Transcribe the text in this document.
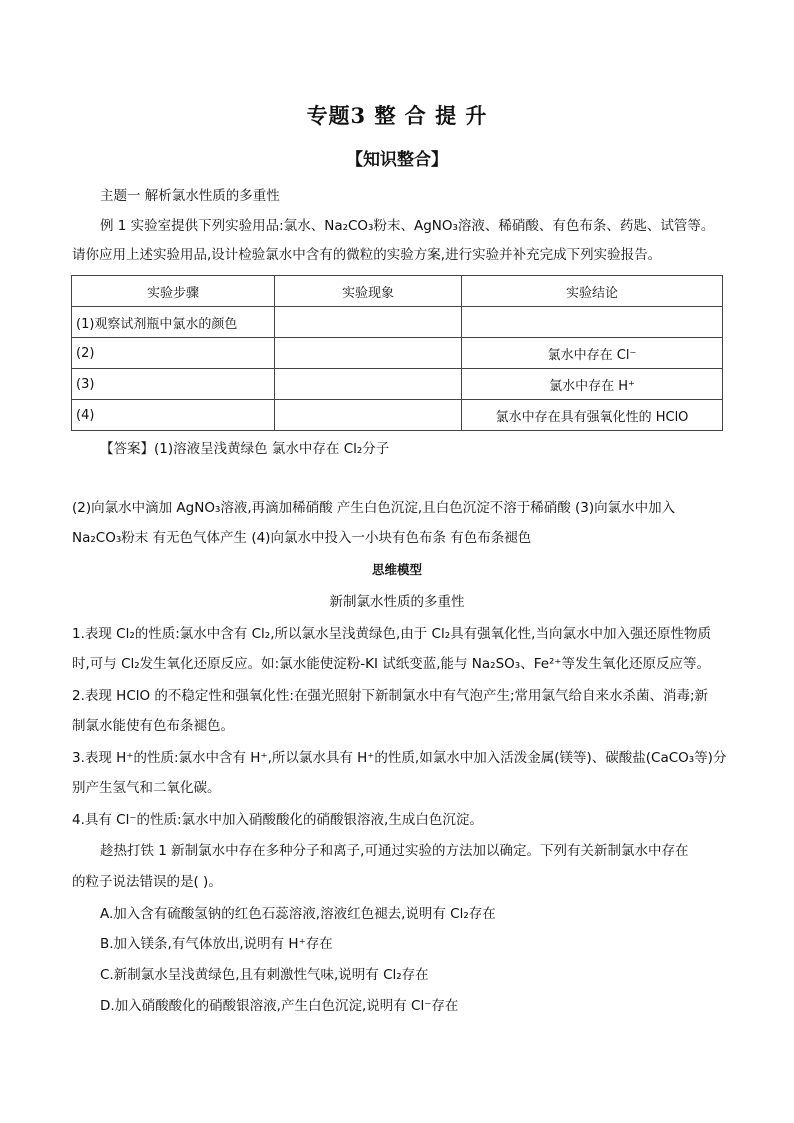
专题3 整 合 提 升
【知识整合】
主题一 解析氯水性质的多重性
例 1 实验室提供下列实验用品:氯水、Na₂CO₃粉末、AgNO₃溶液、稀硝酸、有色布条、药匙、试管等。
请你应用上述实验用品,设计检验氯水中含有的微粒的实验方案,进行实验并补充完成下列实验报告。
实验步骤	实验现象	实验结论
(1)观察试剂瓶中氯水的颜色		
(2)		氯水中存在 Cl⁻
(3)		氯水中存在 H⁺
(4)		氯水中存在具有强氧化性的 HClO
【答案】(1)溶液呈浅黄绿色 氯水中存在 Cl₂分子
(2)向氯水中滴加 AgNO₃溶液,再滴加稀硝酸 产生白色沉淀,且白色沉淀不溶于稀硝酸 (3)向氯水中加入
Na₂CO₃粉末 有无色气体产生 (4)向氯水中投入一小块有色布条 有色布条褪色
思维模型
新制氯水性质的多重性
1.表现 Cl₂的性质:氯水中含有 Cl₂,所以氯水呈浅黄绿色,由于 Cl₂具有强氧化性,当向氯水中加入强还原性物质
时,可与 Cl₂发生氧化还原反应。如:氯水能使淀粉-KI 试纸变蓝,能与 Na₂SO₃、Fe²⁺等发生氧化还原反应等。
2.表现 HClO 的不稳定性和强氧化性:在强光照射下新制氯水中有气泡产生;常用氯气给自来水杀菌、消毒;新
制氯水能使有色布条褪色。
3.表现 H⁺的性质:氯水中含有 H⁺,所以氯水具有 H⁺的性质,如氯水中加入活泼金属(镁等)、碳酸盐(CaCO₃等)分
别产生氢气和二氧化碳。
4.具有 Cl⁻的性质:氯水中加入硝酸酸化的硝酸银溶液,生成白色沉淀。
趁热打铁 1 新制氯水中存在多种分子和离子,可通过实验的方法加以确定。下列有关新制氯水中存在
的粒子说法错误的是( )。
A.加入含有硫酸氢钠的红色石蕊溶液,溶液红色褪去,说明有 Cl₂存在
B.加入镁条,有气体放出,说明有 H⁺存在
C.新制氯水呈浅黄绿色,且有刺激性气味,说明有 Cl₂存在
D.加入硝酸酸化的硝酸银溶液,产生白色沉淀,说明有 Cl⁻存在
